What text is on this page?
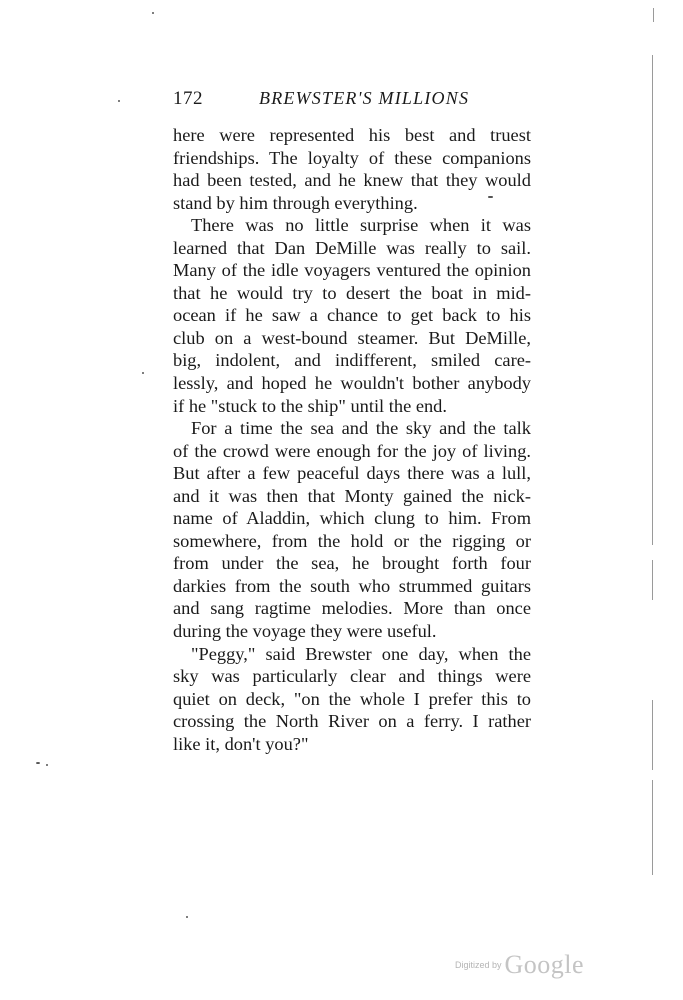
172	BREWSTER'S MILLIONS
here were represented his best and truest
friendships. The loyalty of these companions
had been tested, and he knew that they would
stand by him through everything.
There was no little surprise when it was
learned that Dan DeMille was really to sail.
Many of the idle voyagers ventured the opinion
that he would try to desert the boat in mid-
ocean if he saw a chance to get back to his
club on a west-bound steamer. But DeMille,
big, indolent, and indifferent, smiled care-
lessly, and hoped he wouldn't bother anybody
if he "stuck to the ship" until the end.
For a time the sea and the sky and the talk
of the crowd were enough for the joy of living.
But after a few peaceful days there was a lull,
and it was then that Monty gained the nick-
name of Aladdin, which clung to him. From
somewhere, from the hold or the rigging or
from under the sea, he brought forth four
darkies from the south who strummed guitars
and sang ragtime melodies. More than once
during the voyage they were useful.
"Peggy," said Brewster one day, when the
sky was particularly clear and things were
quiet on deck, "on the whole I prefer this to
crossing the North River on a ferry. I rather
like it, don't you?"
$^{Digitized by}$ Google
